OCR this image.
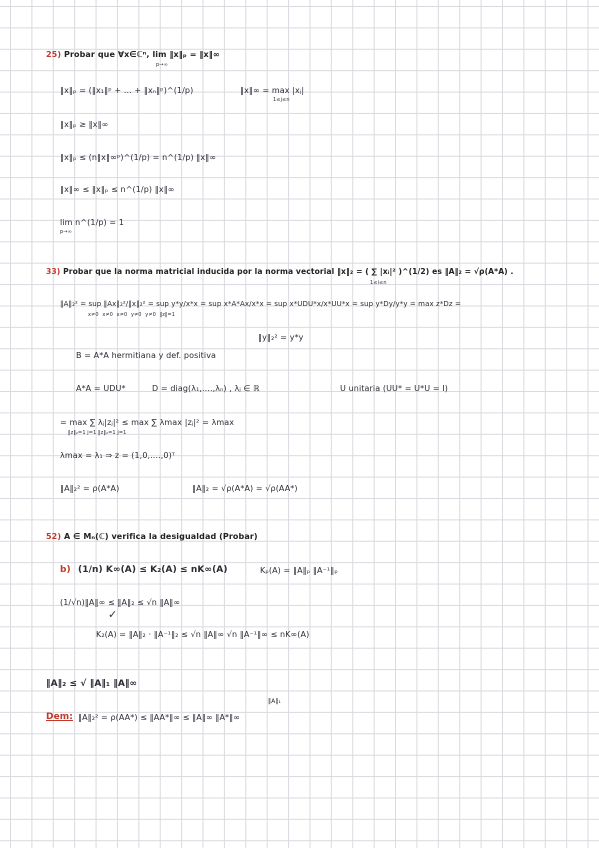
25) Probar que ∀x∈ℂⁿ, lim ‖x‖ₚ = ‖x‖∞
p→∞
‖x‖ₚ = (‖x₁‖ᵖ + ... + ‖xₙ‖ᵖ)^(1/p)	‖x‖∞ = max |xⱼ|
1≤j≤n
‖x‖ₚ ≥ ‖x‖∞
‖x‖ₚ ≤ (n‖x‖∞ᵖ)^(1/p) = n^(1/p) ‖x‖∞
‖x‖∞ ≤ ‖x‖ₚ ≤ n^(1/p) ‖x‖∞
lim n^(1/p) = 1
p→∞
33) Probar que la norma matricial inducida por la norma vectorial ‖x‖₂ = ( ∑ |xᵢ|² )^(1/2) es ‖A‖₂ = √ρ(A*A) .
1≤i≤n
‖A‖₂² = sup ‖Ax‖₂²/‖x‖₂² = sup y*y/x*x = sup x*A*Ax/x*x = sup x*UDU*x/x*UU*x = sup y*Dy/y*y = max z*Dz =
x≠0 x≠0 x≠0 y≠0 y≠0 ‖z‖=1
‖y‖₂² = y*y
B = A*A hermitiana y def. positiva
A*A = UDU*	D = diag(λ₁,....,λₙ) , λⱼ ∈ ℝ	U unitaria (UU* = U*U = I)
= max ∑ λⱼ|zⱼ|² ≤ max ∑ λmax |zⱼ|² = λmax
‖z‖₂=1 j=1 ‖z‖₂=1 j=1
λmax = λ₁ ⇒ z = (1,0,....,0)ᵀ
‖A‖₂² = ρ(A*A)	‖A‖₂ = √ρ(A*A) = √ρ(AA*)
52) A ∈ Mₙ(ℂ) verifica la desigualdad (Probar)
b) (1/n) K∞(A) ≤ K₂(A) ≤ nK∞(A)	Kₚ(A) = ‖A‖ₚ ‖A⁻¹‖ₚ
(1/√n)‖A‖∞ ≤ ‖A‖₂ ≤ √n ‖A‖∞
✓
K₂(A) = ‖A‖₂ · ‖A⁻¹‖₂ ≤ √n ‖A‖∞ √n ‖A⁻¹‖∞ ≤ nK∞(A)
‖A‖₂ ≤ √ ‖A‖₁ ‖A‖∞
‖A‖₁
Dem: ‖A‖₂² = ρ(AA*) ≤ ‖AA*‖∞ ≤ ‖A‖∞ ‖A*‖∞
